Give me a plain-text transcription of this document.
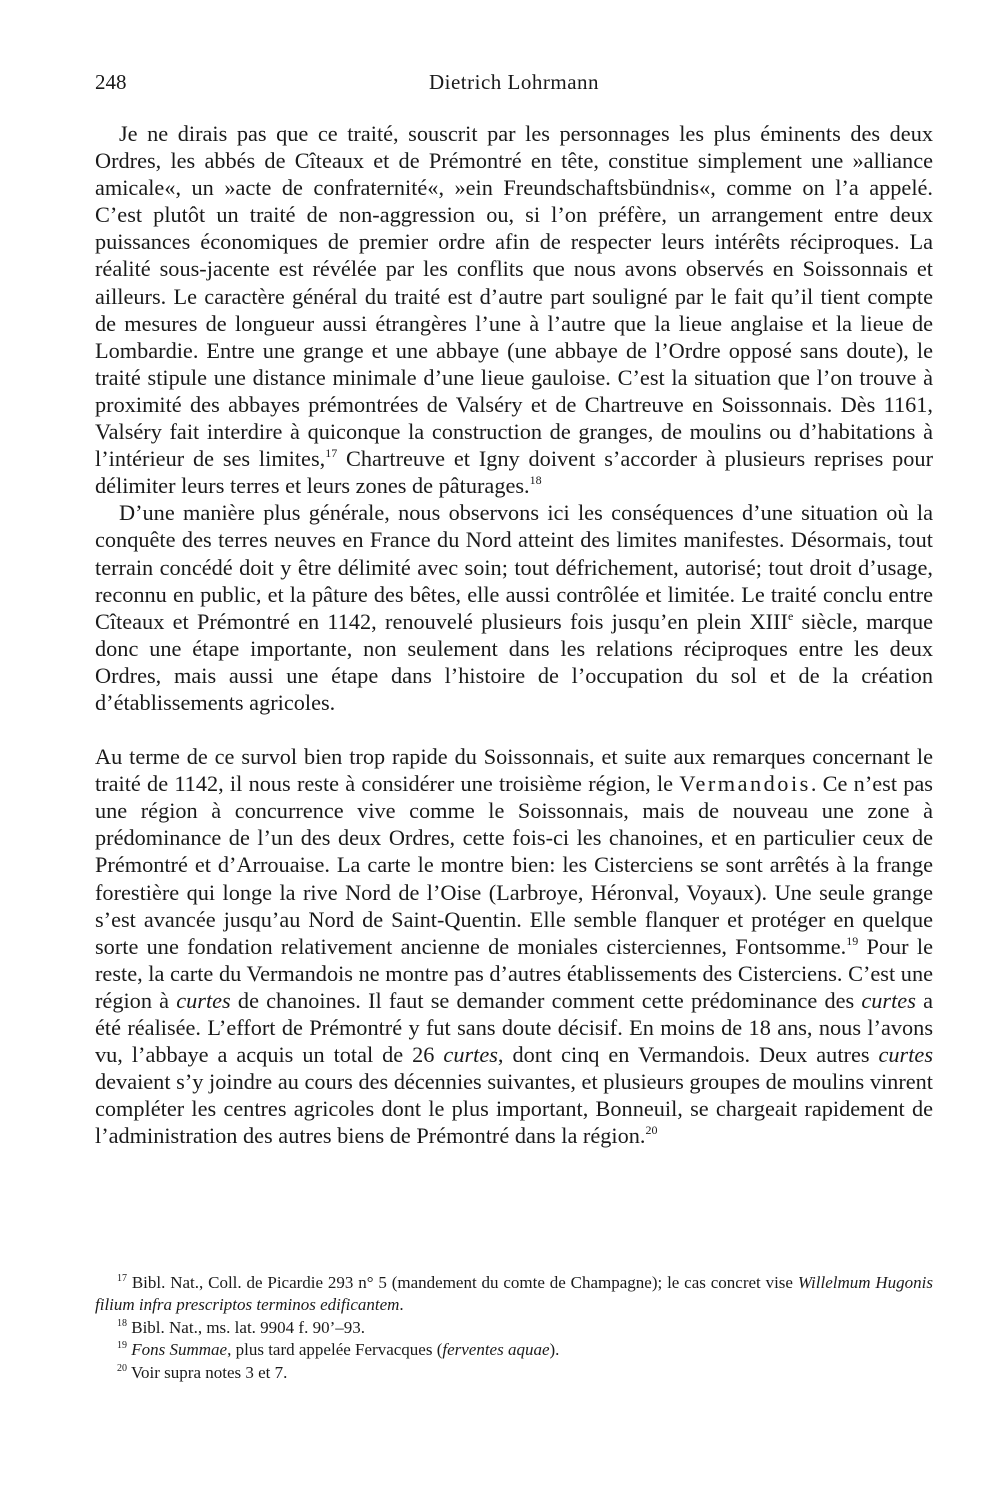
248	Dietrich Lohrmann

Je ne dirais pas que ce traité, souscrit par les personnages les plus éminents des deux Ordres, les abbés de Cîteaux et de Prémontré en tête, constitue simplement une »alliance amicale«, un »acte de confraternité«, »ein Freundschaftsbündnis«, comme on l’a appelé. C’est plutôt un traité de non-aggression ou, si l’on préfère, un arrangement entre deux puissances économiques de premier ordre afin de respecter leurs intérêts réciproques. La réalité sous-jacente est révélée par les conflits que nous avons observés en Soissonnais et ailleurs. Le caractère général du traité est d’autre part souligné par le fait qu’il tient compte de mesures de longueur aussi étrangères l’une à l’autre que la lieue anglaise et la lieue de Lombardie. Entre une grange et une abbaye (une abbaye de l’Ordre opposé sans doute), le traité stipule une distance minimale d’une lieue gauloise. C’est la situation que l’on trouve à proximité des abbayes prémontrées de Valséry et de Chartreuve en Soissonnais. Dès 1161, Valséry fait interdire à quiconque la construction de granges, de moulins ou d’habitations à l’intérieur de ses limites,$^{17}$ Chartreuve et Igny doivent s’accorder à plusieurs reprises pour délimiter leurs terres et leurs zones de pâturages.$^{18}$

D’une manière plus générale, nous observons ici les conséquences d’une situation où la conquête des terres neuves en France du Nord atteint des limites manifestes. Désormais, tout terrain concédé doit y être délimité avec soin; tout défrichement, autorisé; tout droit d’usage, reconnu en public, et la pâture des bêtes, elle aussi contrôlée et limitée. Le traité conclu entre Cîteaux et Prémontré en 1142, renouvelé plusieurs fois jusqu’en plein XIIIe siècle, marque donc une étape importante, non seulement dans les relations réciproques entre les deux Ordres, mais aussi une étape dans l’histoire de l’occupation du sol et de la création d’établissements agricoles.

Au terme de ce survol bien trop rapide du Soissonnais, et suite aux remarques concernant le traité de 1142, il nous reste à considérer une troisième région, le Vermandois. Ce n’est pas une région à concurrence vive comme le Soissonnais, mais de nouveau une zone à prédominance de l’un des deux Ordres, cette fois-ci les chanoines, et en particulier ceux de Prémontré et d’Arrouaise. La carte le montre bien: les Cisterciens se sont arrêtés à la frange forestière qui longe la rive Nord de l’Oise (Larbroye, Héronval, Voyaux). Une seule grange s’est avancée jusqu’au Nord de Saint-Quentin. Elle semble flanquer et protéger en quelque sorte une fondation relativement ancienne de moniales cisterciennes, Fontsomme.$^{19}$ Pour le reste, la carte du Vermandois ne montre pas d’autres établissements des Cisterciens. C’est une région à curtes de chanoines. Il faut se demander comment cette prédominance des curtes a été réalisée. L’effort de Prémontré y fut sans doute décisif. En moins de 18 ans, nous l’avons vu, l’abbaye a acquis un total de 26 curtes, dont cinq en Vermandois. Deux autres curtes devaient s’y joindre au cours des décennies suivantes, et plusieurs groupes de moulins vinrent compléter les centres agricoles dont le plus important, Bonneuil, se chargeait rapidement de l’administration des autres biens de Prémontré dans la région.$^{20}$

$^{17}$ Bibl. Nat., Coll. de Picardie 293 n° 5 (mandement du comte de Champagne); le cas concret vise Willelmum Hugonis filium infra prescriptos terminos edificantem.

$^{18}$ Bibl. Nat., ms. lat. 9904 f. 90’–93.

$^{19}$ Fons Summae, plus tard appelée Fervacques (ferventes aquae).

$^{20}$ Voir supra notes 3 et 7.
